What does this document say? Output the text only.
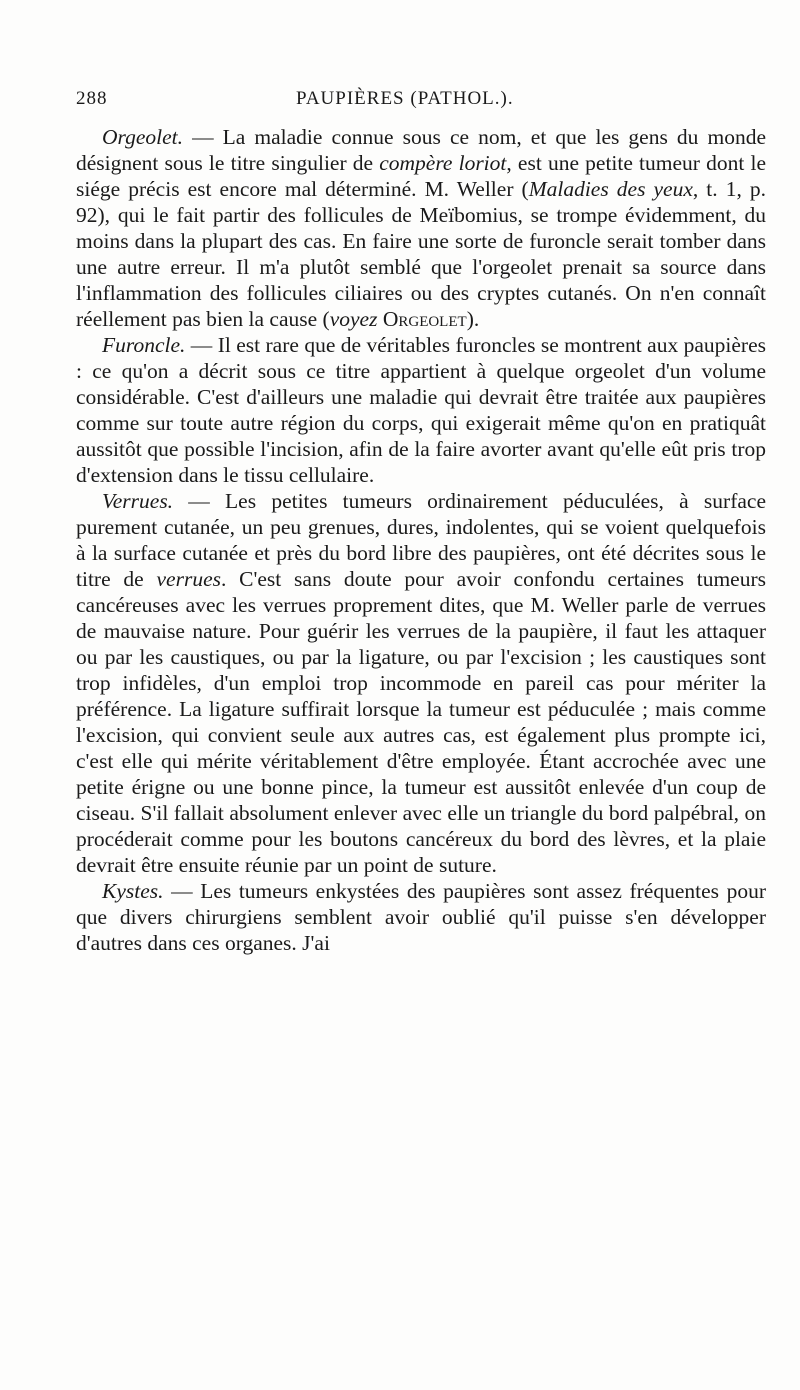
288	PAUPIÈRES (PATHOL.).

Orgeolet. — La maladie connue sous ce nom, et que les gens du monde désignent sous le titre singulier de compère loriot, est une petite tumeur dont le siége précis est encore mal déterminé. M. Weller (Maladies des yeux, t. 1, p. 92), qui le fait partir des follicules de Meïbomius, se trompe évidemment, du moins dans la plupart des cas. En faire une sorte de furoncle serait tomber dans une autre erreur. Il m'a plutôt semblé que l'orgeolet prenait sa source dans l'inflammation des follicules ciliaires ou des cryptes cutanés. On n'en connaît réellement pas bien la cause (voyez Orgeolet).

Furoncle. — Il est rare que de véritables furoncles se montrent aux paupières : ce qu'on a décrit sous ce titre appartient à quelque orgeolet d'un volume considérable. C'est d'ailleurs une maladie qui devrait être traitée aux paupières comme sur toute autre région du corps, qui exigerait même qu'on en pratiquât aussitôt que possible l'incision, afin de la faire avorter avant qu'elle eût pris trop d'extension dans le tissu cellulaire.

Verrues. — Les petites tumeurs ordinairement péduculées, à surface purement cutanée, un peu grenues, dures, indolentes, qui se voient quelquefois à la surface cutanée et près du bord libre des paupières, ont été décrites sous le titre de verrues. C'est sans doute pour avoir confondu certaines tumeurs cancéreuses avec les verrues proprement dites, que M. Weller parle de verrues de mauvaise nature. Pour guérir les verrues de la paupière, il faut les attaquer ou par les caustiques, ou par la ligature, ou par l'excision ; les caustiques sont trop infidèles, d'un emploi trop incommode en pareil cas pour mériter la préférence. La ligature suffirait lorsque la tumeur est péduculée ; mais comme l'excision, qui convient seule aux autres cas, est également plus prompte ici, c'est elle qui mérite véritablement d'être employée. Étant accrochée avec une petite érigne ou une bonne pince, la tumeur est aussitôt enlevée d'un coup de ciseau. S'il fallait absolument enlever avec elle un triangle du bord palpébral, on procéderait comme pour les boutons cancéreux du bord des lèvres, et la plaie devrait être ensuite réunie par un point de suture.

Kystes. — Les tumeurs enkystées des paupières sont assez fréquentes pour que divers chirurgiens semblent avoir oublié qu'il puisse s'en développer d'autres dans ces organes. J'ai
